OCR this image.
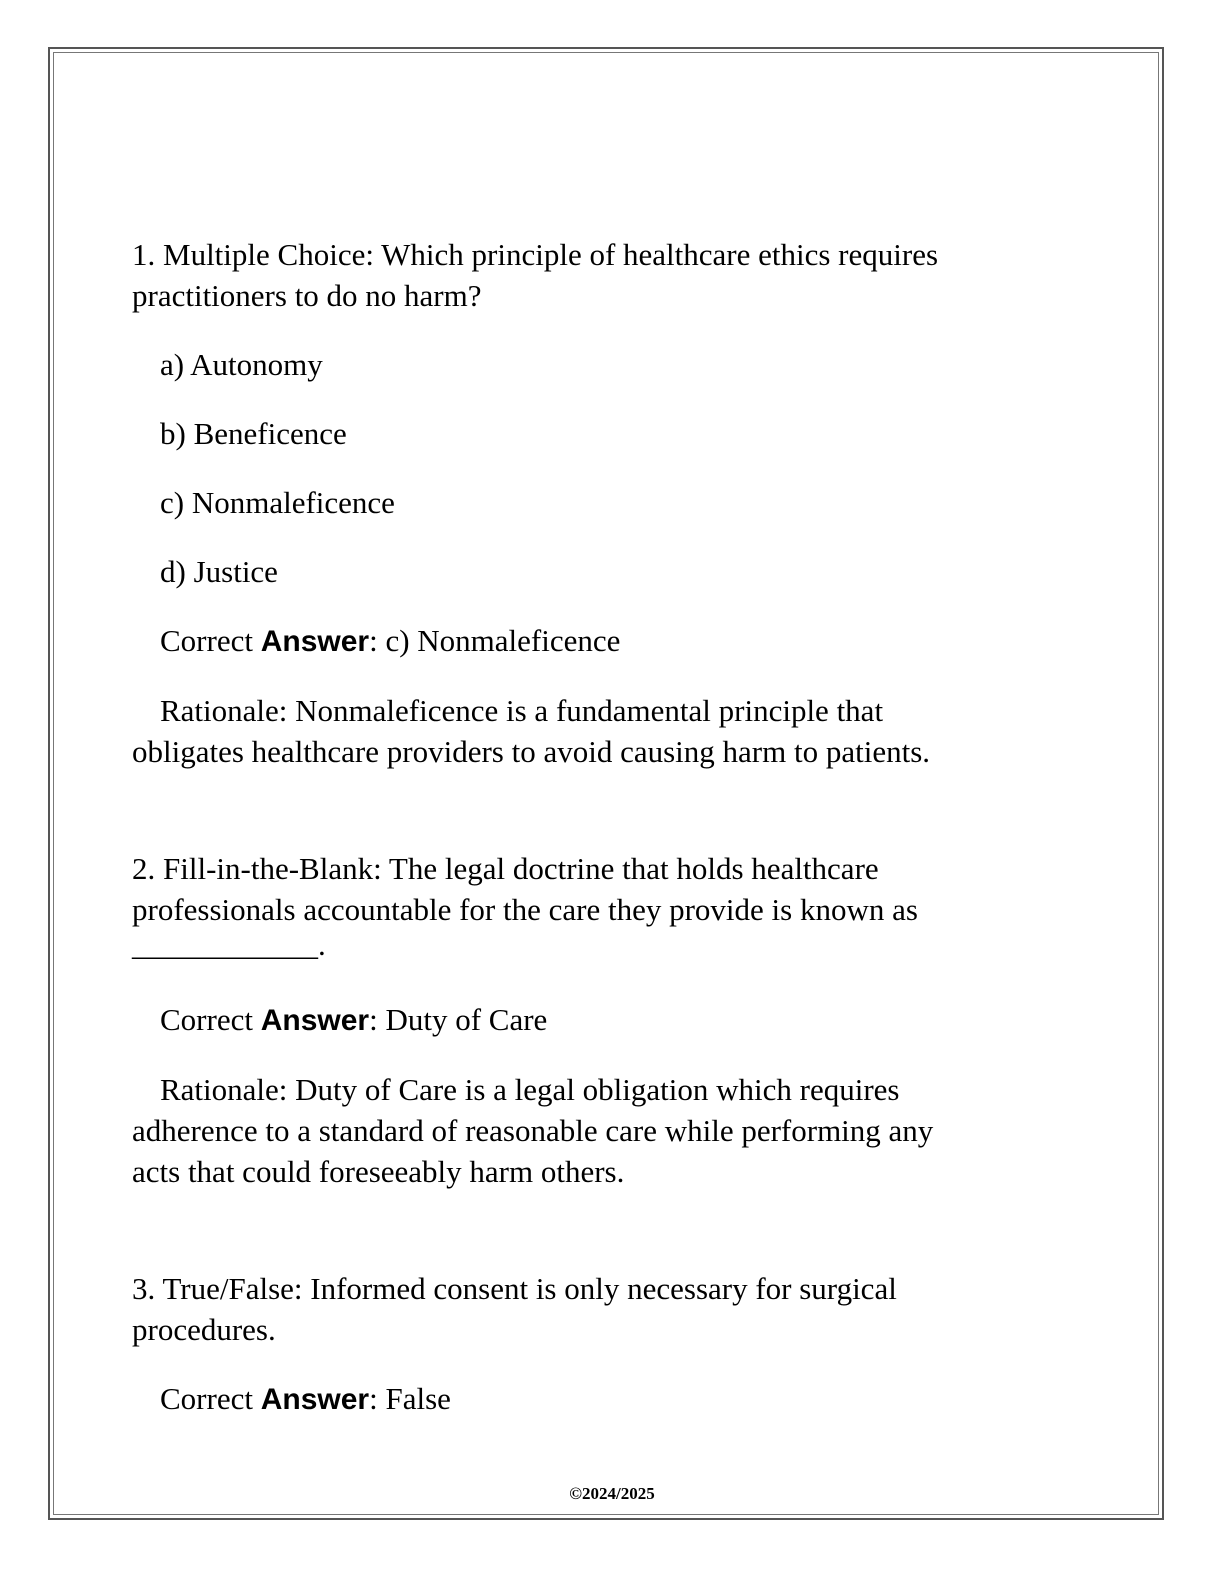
1. Multiple Choice: Which principle of healthcare ethics requires

practitioners to do no harm?

a) Autonomy

b) Beneficence

c) Nonmaleficence

d) Justice

Correct Answer: c) Nonmaleficence

Rationale: Nonmaleficence is a fundamental principle that

obligates healthcare providers to avoid causing harm to patients.

2. Fill-in-the-Blank: The legal doctrine that holds healthcare

professionals accountable for the care they provide is known as

____________.

Correct Answer: Duty of Care

Rationale: Duty of Care is a legal obligation which requires

adherence to a standard of reasonable care while performing any

acts that could foreseeably harm others.

3. True/False: Informed consent is only necessary for surgical

procedures.

Correct Answer: False

©2024/2025
